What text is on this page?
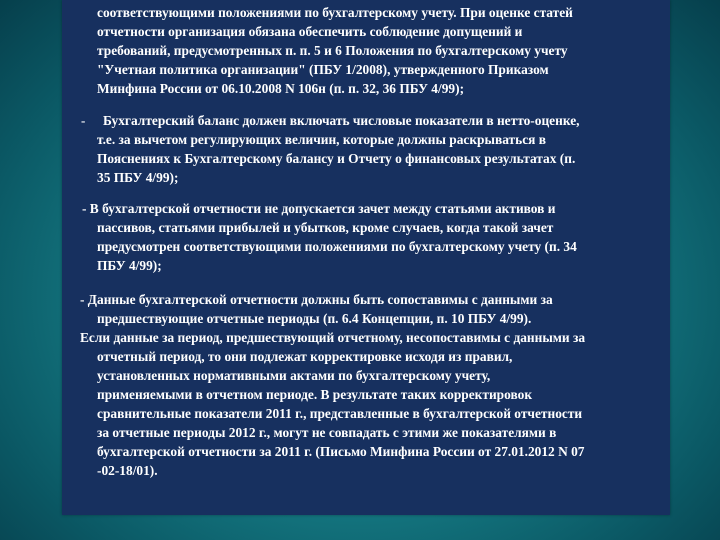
соответствующими положениями по бухгалтерскому учету. При оценке статей
отчетности организация обязана обеспечить соблюдение допущений и
требований, предусмотренных п. п. 5 и 6 Положения по бухгалтерскому учету
"Учетная политика организации" (ПБУ 1/2008), утвержденного Приказом
Минфина России от 06.10.2008 N 106н (п. п. 32, 36 ПБУ 4/99);

-	Бухгалтерский баланс должен включать числовые показатели в нетто-оценке,
т.е. за вычетом регулирующих величин, которые должны раскрываться в
Пояснениях к Бухгалтерскому балансу и Отчету о финансовых результатах (п.
35 ПБУ 4/99);

- В бухгалтерской отчетности не допускается зачет между статьями активов и
пассивов, статьями прибылей и убытков, кроме случаев, когда такой зачет
предусмотрен соответствующими положениями по бухгалтерскому учету (п. 34
ПБУ 4/99);

- Данные бухгалтерской отчетности должны быть сопоставимы с данными за
предшествующие отчетные периоды (п. 6.4 Концепции, п. 10 ПБУ 4/99).
Если данные за период, предшествующий отчетному, несопоставимы с данными за
отчетный период, то они подлежат корректировке исходя из правил,
установленных нормативными актами по бухгалтерскому учету,
применяемыми в отчетном периоде. В результате таких корректировок
сравнительные показатели 2011 г., представленные в бухгалтерской отчетности
за отчетные периоды 2012 г., могут не совпадать с этими же показателями в
бухгалтерской отчетности за 2011 г. (Письмо Минфина России от 27.01.2012 N 07
-02-18/01).
